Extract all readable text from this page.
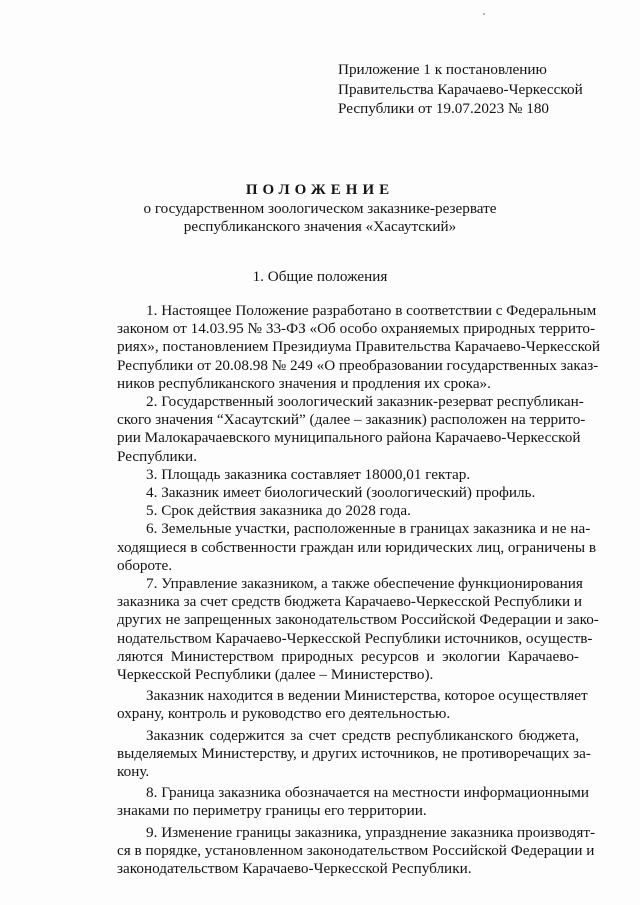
Приложение 1 к постановлению
Правительства Карачаево-Черкесской
Республики от 19.07.2023 № 180
ПОЛОЖЕНИЕ
о государственном зоологическом заказнике-резервате
республиканского значения «Хасаутский»
1. Общие положения

1. Настоящее Положение разработано в соответствии с Федеральным
законом от 14.03.95 № 33-ФЗ «Об особо охраняемых природных террито-
риях», постановлением Президиума Правительства Карачаево-Черкесской
Республики от 20.08.98 № 249 «О преобразовании государственных заказ-
ников республиканского значения и продления их срока».

2. Государственный зоологический заказник-резерват республикан-
ского значения “Хасаутский” (далее – заказник) расположен на террито-
рии Малокарачаевского муниципального района Карачаево-Черкесской
Республики.

3. Площадь заказника составляет 18000,01 гектар.

4. Заказник имеет биологический (зоологический) профиль.

5. Срок действия заказника до 2028 года.

6. Земельные участки, расположенные в границах заказника и не на-
ходящиеся в собственности граждан или юридических лиц, ограничены в
обороте.

7. Управление заказником, а также обеспечение функционирования
заказника за счет средств бюджета Карачаево-Черкесской Республики и
других не запрещенных законодательством Российской Федерации и зако-
нодательством Карачаево-Черкесской Республики источников, осуществ-
ляются Министерством природных ресурсов и экологии Карачаево-
Черкесской Республики (далее – Министерство).

Заказник находится в ведении Министерства, которое осуществляет
охрану, контроль и руководство его деятельностью.

Заказник содержится за счет средств республиканского бюджета,
выделяемых Министерству, и других источников, не противоречащих за-
кону.

8. Граница заказника обозначается на местности информационными
знаками по периметру границы его территории.

9. Изменение границы заказника, упразднение заказника производят-
ся в порядке, установленном законодательством Российской Федерации и
законодательством Карачаево-Черкесской Республики.
